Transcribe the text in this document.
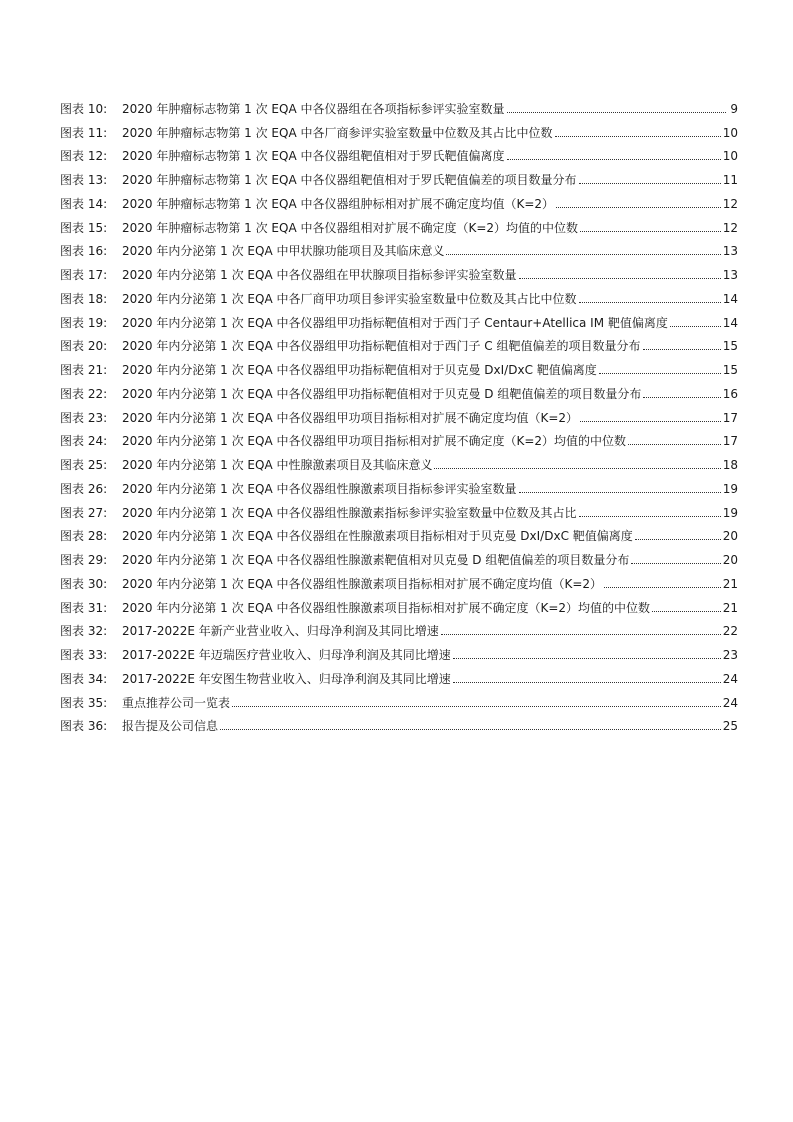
图表 10:	2020 年肿瘤标志物第 1 次 EQA 中各仪器组在各项指标参评实验室数量	9
图表 11:	2020 年肿瘤标志物第 1 次 EQA 中各厂商参评实验室数量中位数及其占比中位数	10
图表 12:	2020 年肿瘤标志物第 1 次 EQA 中各仪器组靶值相对于罗氏靶值偏离度	10
图表 13:	2020 年肿瘤标志物第 1 次 EQA 中各仪器组靶值相对于罗氏靶值偏差的项目数量分布	11
图表 14:	2020 年肿瘤标志物第 1 次 EQA 中各仪器组肿标相对扩展不确定度均值（K=2）	12
图表 15:	2020 年肿瘤标志物第 1 次 EQA 中各仪器组相对扩展不确定度（K=2）均值的中位数	12
图表 16:	2020 年内分泌第 1 次 EQA 中甲状腺功能项目及其临床意义	13
图表 17:	2020 年内分泌第 1 次 EQA 中各仪器组在甲状腺项目指标参评实验室数量	13
图表 18:	2020 年内分泌第 1 次 EQA 中各厂商甲功项目参评实验室数量中位数及其占比中位数	14
图表 19:	2020 年内分泌第 1 次 EQA 中各仪器组甲功指标靶值相对于西门子 Centaur+Atellica IM 靶值偏离度	14
图表 20:	2020 年内分泌第 1 次 EQA 中各仪器组甲功指标靶值相对于西门子 C 组靶值偏差的项目数量分布	15
图表 21:	2020 年内分泌第 1 次 EQA 中各仪器组甲功指标靶值相对于贝克曼 DxI/DxC 靶值偏离度	15
图表 22:	2020 年内分泌第 1 次 EQA 中各仪器组甲功指标靶值相对于贝克曼 D 组靶值偏差的项目数量分布	16
图表 23:	2020 年内分泌第 1 次 EQA 中各仪器组甲功项目指标相对扩展不确定度均值（K=2）	17
图表 24:	2020 年内分泌第 1 次 EQA 中各仪器组甲功项目指标相对扩展不确定度（K=2）均值的中位数	17
图表 25:	2020 年内分泌第 1 次 EQA 中性腺激素项目及其临床意义	18
图表 26:	2020 年内分泌第 1 次 EQA 中各仪器组性腺激素项目指标参评实验室数量	19
图表 27:	2020 年内分泌第 1 次 EQA 中各仪器组性腺激素指标参评实验室数量中位数及其占比	19
图表 28:	2020 年内分泌第 1 次 EQA 中各仪器组在性腺激素项目指标相对于贝克曼 DxI/DxC 靶值偏离度	20
图表 29:	2020 年内分泌第 1 次 EQA 中各仪器组性腺激素靶值相对贝克曼 D 组靶值偏差的项目数量分布	20
图表 30:	2020 年内分泌第 1 次 EQA 中各仪器组性腺激素项目指标相对扩展不确定度均值（K=2）	21
图表 31:	2020 年内分泌第 1 次 EQA 中各仪器组性腺激素项目指标相对扩展不确定度（K=2）均值的中位数	21
图表 32:	2017-2022E 年新产业营业收入、归母净利润及其同比增速	22
图表 33:	2017-2022E 年迈瑞医疗营业收入、归母净利润及其同比增速	23
图表 34:	2017-2022E 年安图生物营业收入、归母净利润及其同比增速	24
图表 35:	重点推荐公司一览表	24
图表 36:	报告提及公司信息	25
